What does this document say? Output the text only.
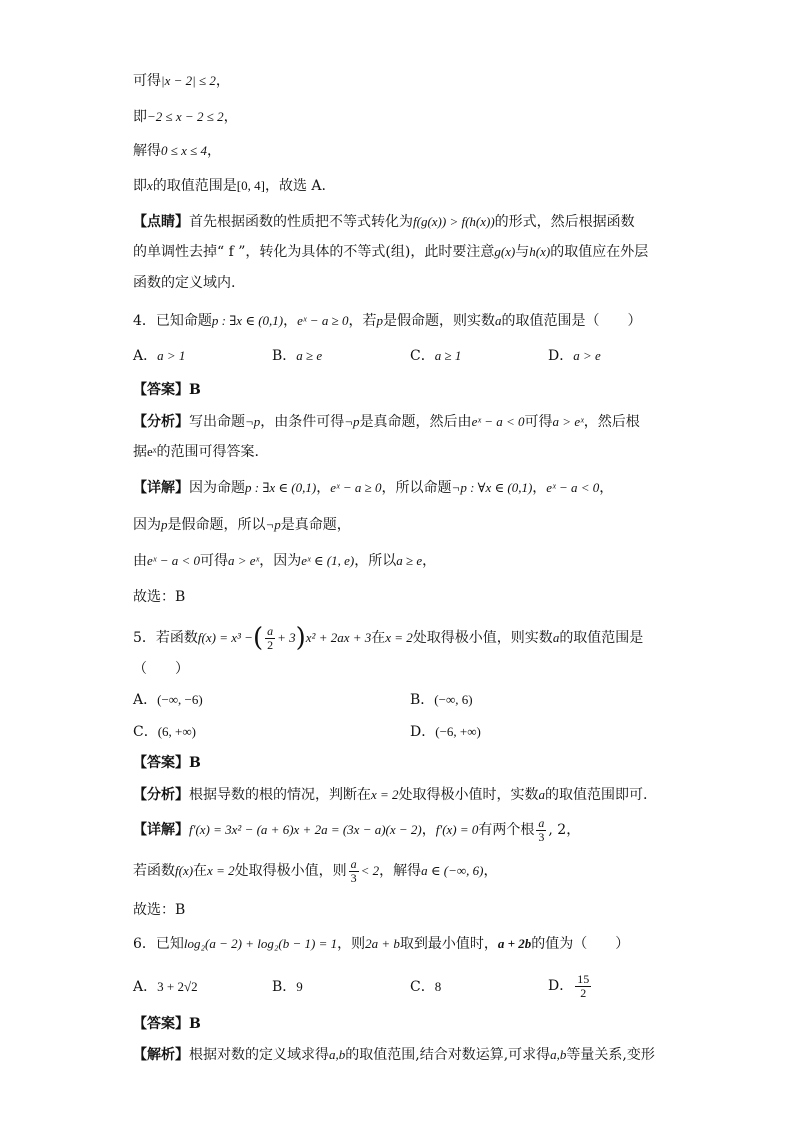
可得|x − 2| ≤ 2，
即−2 ≤ x − 2 ≤ 2，
解得0 ≤ x ≤ 4，
即x的取值范围是[0, 4]，故选 A.
【点睛】首先根据函数的性质把不等式转化为f(g(x)) > f(h(x))的形式，然后根据函数
的单调性去掉“ f ”，转化为具体的不等式(组)，此时要注意g(x)与h(x)的取值应在外层
函数的定义域内.
4．已知命题p : ∃x ∈ (0,1)，eˣ − a ≥ 0，若p是假命题，则实数a的取值范围是（　　）
A．a > 1	B．a ≥ e	C．a ≥ 1	D．a > e
【答案】B
【分析】写出命题¬p，由条件可得¬p是真命题，然后由eˣ − a < 0可得a > eˣ，然后根
据eˣ的范围可得答案.
【详解】因为命题p : ∃x ∈ (0,1)，eˣ − a ≥ 0，所以命题¬p : ∀x ∈ (0,1)，eˣ − a < 0，
因为p是假命题，所以¬p是真命题，
由eˣ − a < 0可得a > eˣ，因为eˣ ∈ (1, e)，所以a ≥ e，
故选：B
5．若函数f(x) = x³ −( $\frac{a}{2} + 3)x^2 + 2ax + 3$在x = 2处取得极小值，则实数a的取值范围是
（　　）
A．(−∞, −6)	B．(−∞, 6)
C．(6, +∞)	D．(−6, +∞)
【答案】B
【分析】根据导数的根的情况，判断在x = 2处取得极小值时，实数a的取值范围即可.
【详解】f′(x) = 3x² − (a + 6)x + 2a = (3x − a)(x − 2)，f′(x) = 0有两个根 $\frac{a}{3}$ , 2，
若函数f(x)在x = 2处取得极小值，则 $\frac{a}{3} < 2$，解得a ∈ (−∞, 6)，
故选：B
6．已知log₂(a − 2) + log₂(b − 1) = 1，则2a + b取到最小值时，a + 2b的值为（　　）
A．3 + 2√2	B．9	C．8	D． $\frac{15}{2}$
【答案】B
【解析】根据对数的定义域求得a,b的取值范围,结合对数运算,可求得a,b等量关系,变形
